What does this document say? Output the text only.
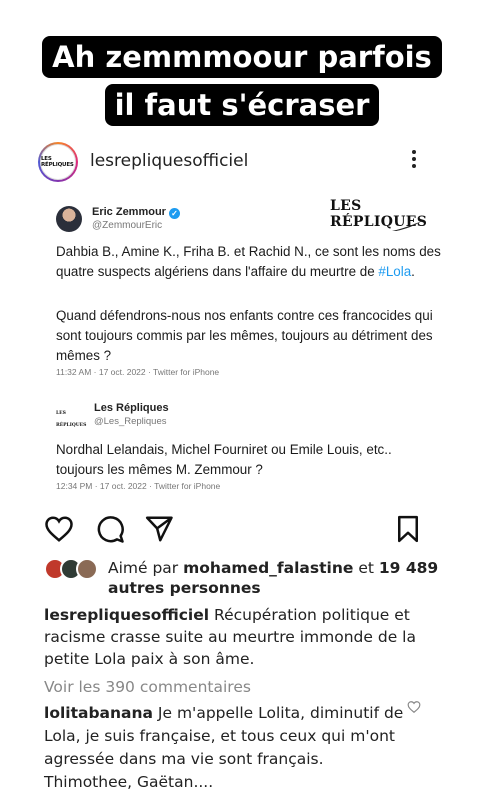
Ah zemmmoour parfois
il faut s'écraser
LES RÉPLIQUES lesrepliquesofficiel
Eric Zemmour ✓
@ZemmourEric
LES RÉPLIQUES
Dahbia B., Amine K., Friha B. et Rachid N., ce sont les noms des quatre suspects algériens dans l'affaire du meurtre de #Lola.
Quand défendrons-nous nos enfants contre ces francocides qui sont toujours commis par les mêmes, toujours au détriment des mêmes ?
11:32 AM · 17 oct. 2022 · Twitter for iPhone
LES RÉPLIQUES
Les Répliques
@Les_Repliques
Nordhal Lelandais, Michel Fourniret ou Emile Louis, etc.. toujours les mêmes M. Zemmour ?
12:34 PM · 17 oct. 2022 · Twitter for iPhone
Aimé par mohamed_falastine et 19 489 autres personnes
lesrepliquesofficiel Récupération politique et racisme crasse suite au meurtre immonde de la petite Lola paix à son âme.
Voir les 390 commentaires
lolitabanana Je m'appelle Lolita, diminutif de Lola, je suis française, et tous ceux qui m'ont agressée dans ma vie sont français. Thimothee, Gaëtan....
